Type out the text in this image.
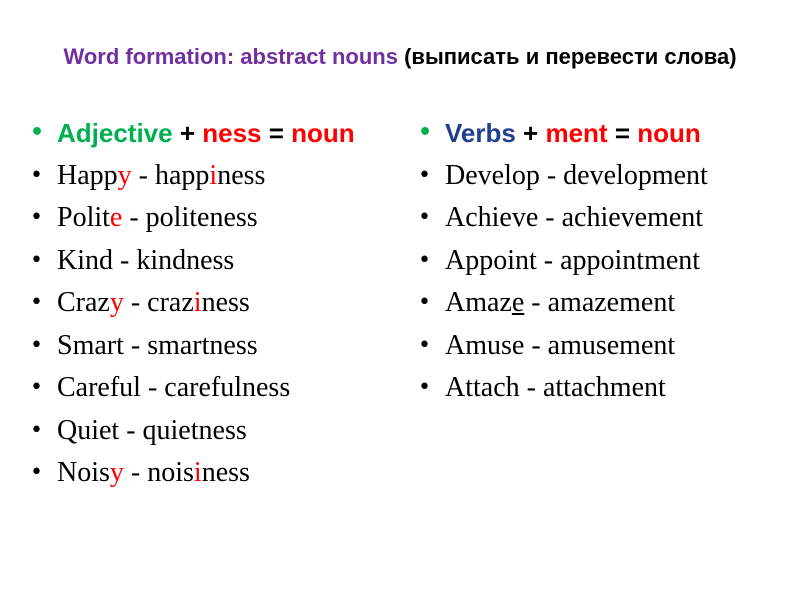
Word formation: abstract nouns (выписать и перевести слова)
• Adjective + ness = noun
• Happy - happiness
• Polite - politeness
• Kind - kindness
• Crazy - craziness
• Smart - smartness
• Careful - carefulness
• Quiet - quietness
• Noisy - noisiness
• Verbs + ment = noun
• Develop - development
• Achieve - achievement
• Appoint - appointment
• Amaze - amazement
• Amuse - amusement
• Attach - attachment
